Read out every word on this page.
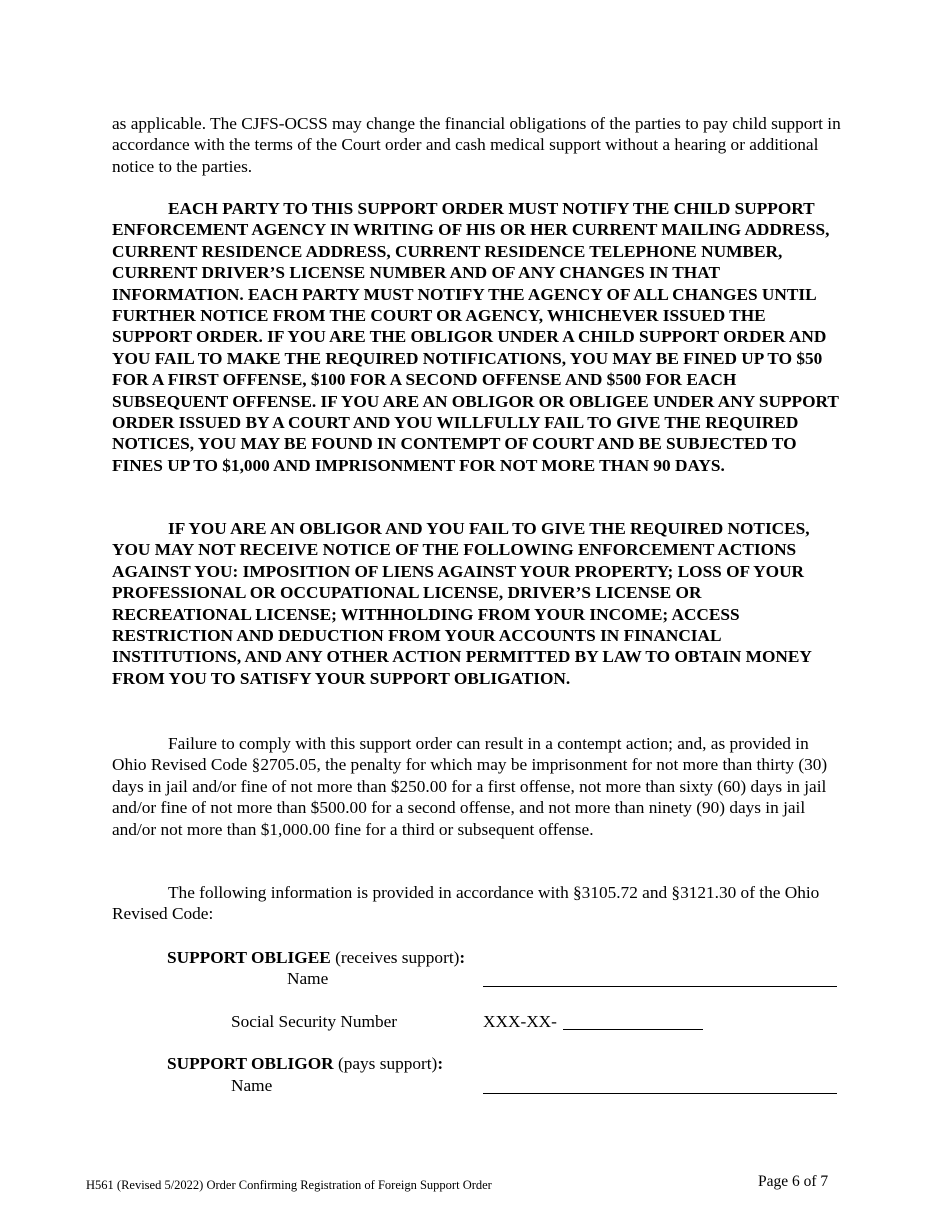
as applicable. The CJFS-OCSS may change the financial obligations of the parties to pay child support in accordance with the terms of the Court order and cash medical support without a hearing or additional notice to the parties.

EACH PARTY TO THIS SUPPORT ORDER MUST NOTIFY THE CHILD SUPPORT ENFORCEMENT AGENCY IN WRITING OF HIS OR HER CURRENT MAILING ADDRESS, CURRENT RESIDENCE ADDRESS, CURRENT RESIDENCE TELEPHONE NUMBER, CURRENT DRIVER’S LICENSE NUMBER AND OF ANY CHANGES IN THAT INFORMATION. EACH PARTY MUST NOTIFY THE AGENCY OF ALL CHANGES UNTIL FURTHER NOTICE FROM THE COURT OR AGENCY, WHICHEVER ISSUED THE SUPPORT ORDER. IF YOU ARE THE OBLIGOR UNDER A CHILD SUPPORT ORDER AND YOU FAIL TO MAKE THE REQUIRED NOTIFICATIONS, YOU MAY BE FINED UP TO $50 FOR A FIRST OFFENSE, $100 FOR A SECOND OFFENSE AND $500 FOR EACH SUBSEQUENT OFFENSE. IF YOU ARE AN OBLIGOR OR OBLIGEE UNDER ANY SUPPORT ORDER ISSUED BY A COURT AND YOU WILLFULLY FAIL TO GIVE THE REQUIRED NOTICES, YOU MAY BE FOUND IN CONTEMPT OF COURT AND BE SUBJECTED TO FINES UP TO $1,000 AND IMPRISONMENT FOR NOT MORE THAN 90 DAYS.

IF YOU ARE AN OBLIGOR AND YOU FAIL TO GIVE THE REQUIRED NOTICES, YOU MAY NOT RECEIVE NOTICE OF THE FOLLOWING ENFORCEMENT ACTIONS AGAINST YOU: IMPOSITION OF LIENS AGAINST YOUR PROPERTY; LOSS OF YOUR PROFESSIONAL OR OCCUPATIONAL LICENSE, DRIVER’S LICENSE OR RECREATIONAL LICENSE; WITHHOLDING FROM YOUR INCOME; ACCESS RESTRICTION AND DEDUCTION FROM YOUR ACCOUNTS IN FINANCIAL INSTITUTIONS, AND ANY OTHER ACTION PERMITTED BY LAW TO OBTAIN MONEY FROM YOU TO SATISFY YOUR SUPPORT OBLIGATION.

Failure to comply with this support order can result in a contempt action; and, as provided in Ohio Revised Code §2705.05, the penalty for which may be imprisonment for not more than thirty (30) days in jail and/or fine of not more than $250.00 for a first offense, not more than sixty (60) days in jail and/or fine of not more than $500.00 for a second offense, and not more than ninety (90) days in jail and/or not more than $1,000.00 fine for a third or subsequent offense.

The following information is provided in accordance with §3105.72 and §3121.30 of the Ohio Revised Code:

SUPPORT OBLIGEE (receives support):
Name
Social Security Number	XXX-XX-
SUPPORT OBLIGOR (pays support):
Name
H561 (Revised 5/2022) Order Confirming Registration of Foreign Support Order	Page 6 of 7
